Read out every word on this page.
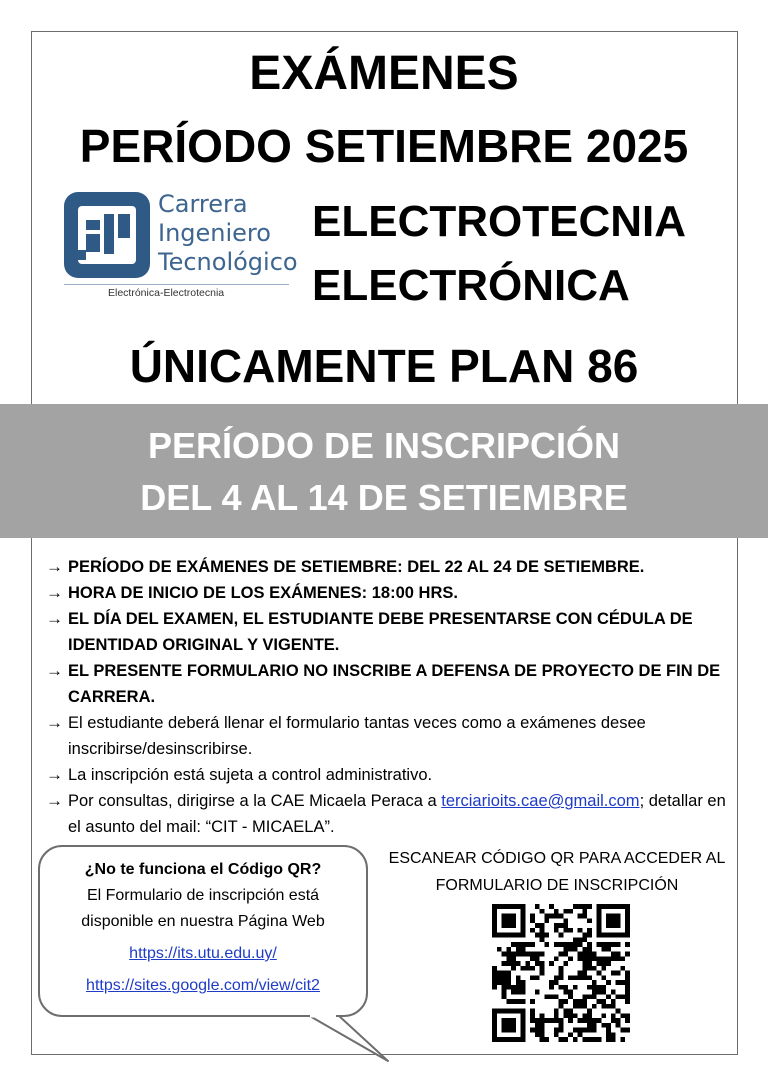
EXÁMENES
PERÍODO SETIEMBRE 2025
Carrera
Ingeniero
Tecnológico
Electrónica-Electrotecnia
ELECTROTECNIA
ELECTRÓNICA
ÚNICAMENTE PLAN 86
PERÍODO DE INSCRIPCIÓN
DEL 4 AL 14 DE SETIEMBRE
→ PERÍODO DE EXÁMENES DE SETIEMBRE: DEL 22 AL 24 DE SETIEMBRE.
→ HORA DE INICIO DE LOS EXÁMENES: 18:00 HRS.
→ EL DÍA DEL EXAMEN, EL ESTUDIANTE DEBE PRESENTARSE CON CÉDULA DE IDENTIDAD ORIGINAL Y VIGENTE.
→ EL PRESENTE FORMULARIO NO INSCRIBE A DEFENSA DE PROYECTO DE FIN DE CARRERA.
→ El estudiante deberá llenar el formulario tantas veces como a exámenes desee inscribirse/desinscribirse.
→ La inscripción está sujeta a control administrativo.
→ Por consultas, dirigirse a la CAE Micaela Peraca a terciarioits.cae@gmail.com; detallar en el asunto del mail: “CIT - MICAELA”.
¿No te funciona el Código QR?
El Formulario de inscripción está
disponible en nuestra Página Web
https://its.utu.edu.uy/
https://sites.google.com/view/cit2
ESCANEAR CÓDIGO QR PARA ACCEDER AL
FORMULARIO DE INSCRIPCIÓN
